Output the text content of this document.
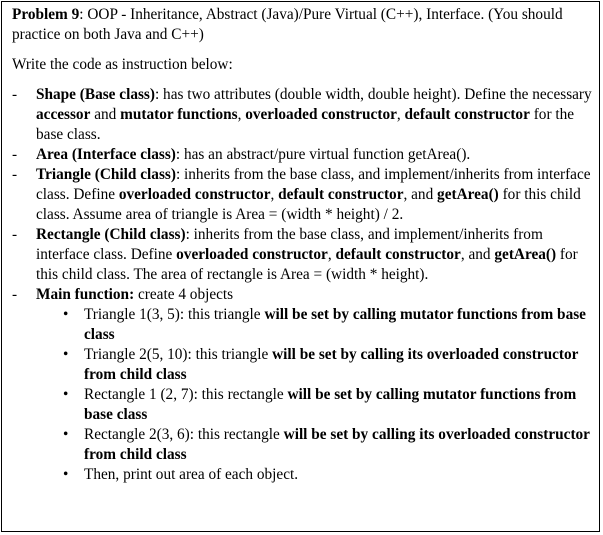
Problem 9: OOP - Inheritance, Abstract (Java)/Pure Virtual (C++), Interface. (You should practice on both Java and C++)

Write the code as instruction below:

- Shape (Base class): has two attributes (double width, double height). Define the necessary accessor and mutator functions, overloaded constructor, default constructor for the base class.

- Area (Interface class): has an abstract/pure virtual function getArea().

- Triangle (Child class): inherits from the base class, and implement/inherits from interface class. Define overloaded constructor, default constructor, and getArea() for this child class. Assume area of triangle is Area = (width * height) / 2.

- Rectangle (Child class): inherits from the base class, and implement/inherits from interface class. Define overloaded constructor, default constructor, and getArea() for this child class. The area of rectangle is Area = (width * height).

- Main function: create 4 objects

• Triangle 1(3, 5): this triangle will be set by calling mutator functions from base class

• Triangle 2(5, 10): this triangle will be set by calling its overloaded constructor from child class

• Rectangle 1 (2, 7): this rectangle will be set by calling mutator functions from base class

• Rectangle 2(3, 6): this rectangle will be set by calling its overloaded constructor from child class

• Then, print out area of each object.
